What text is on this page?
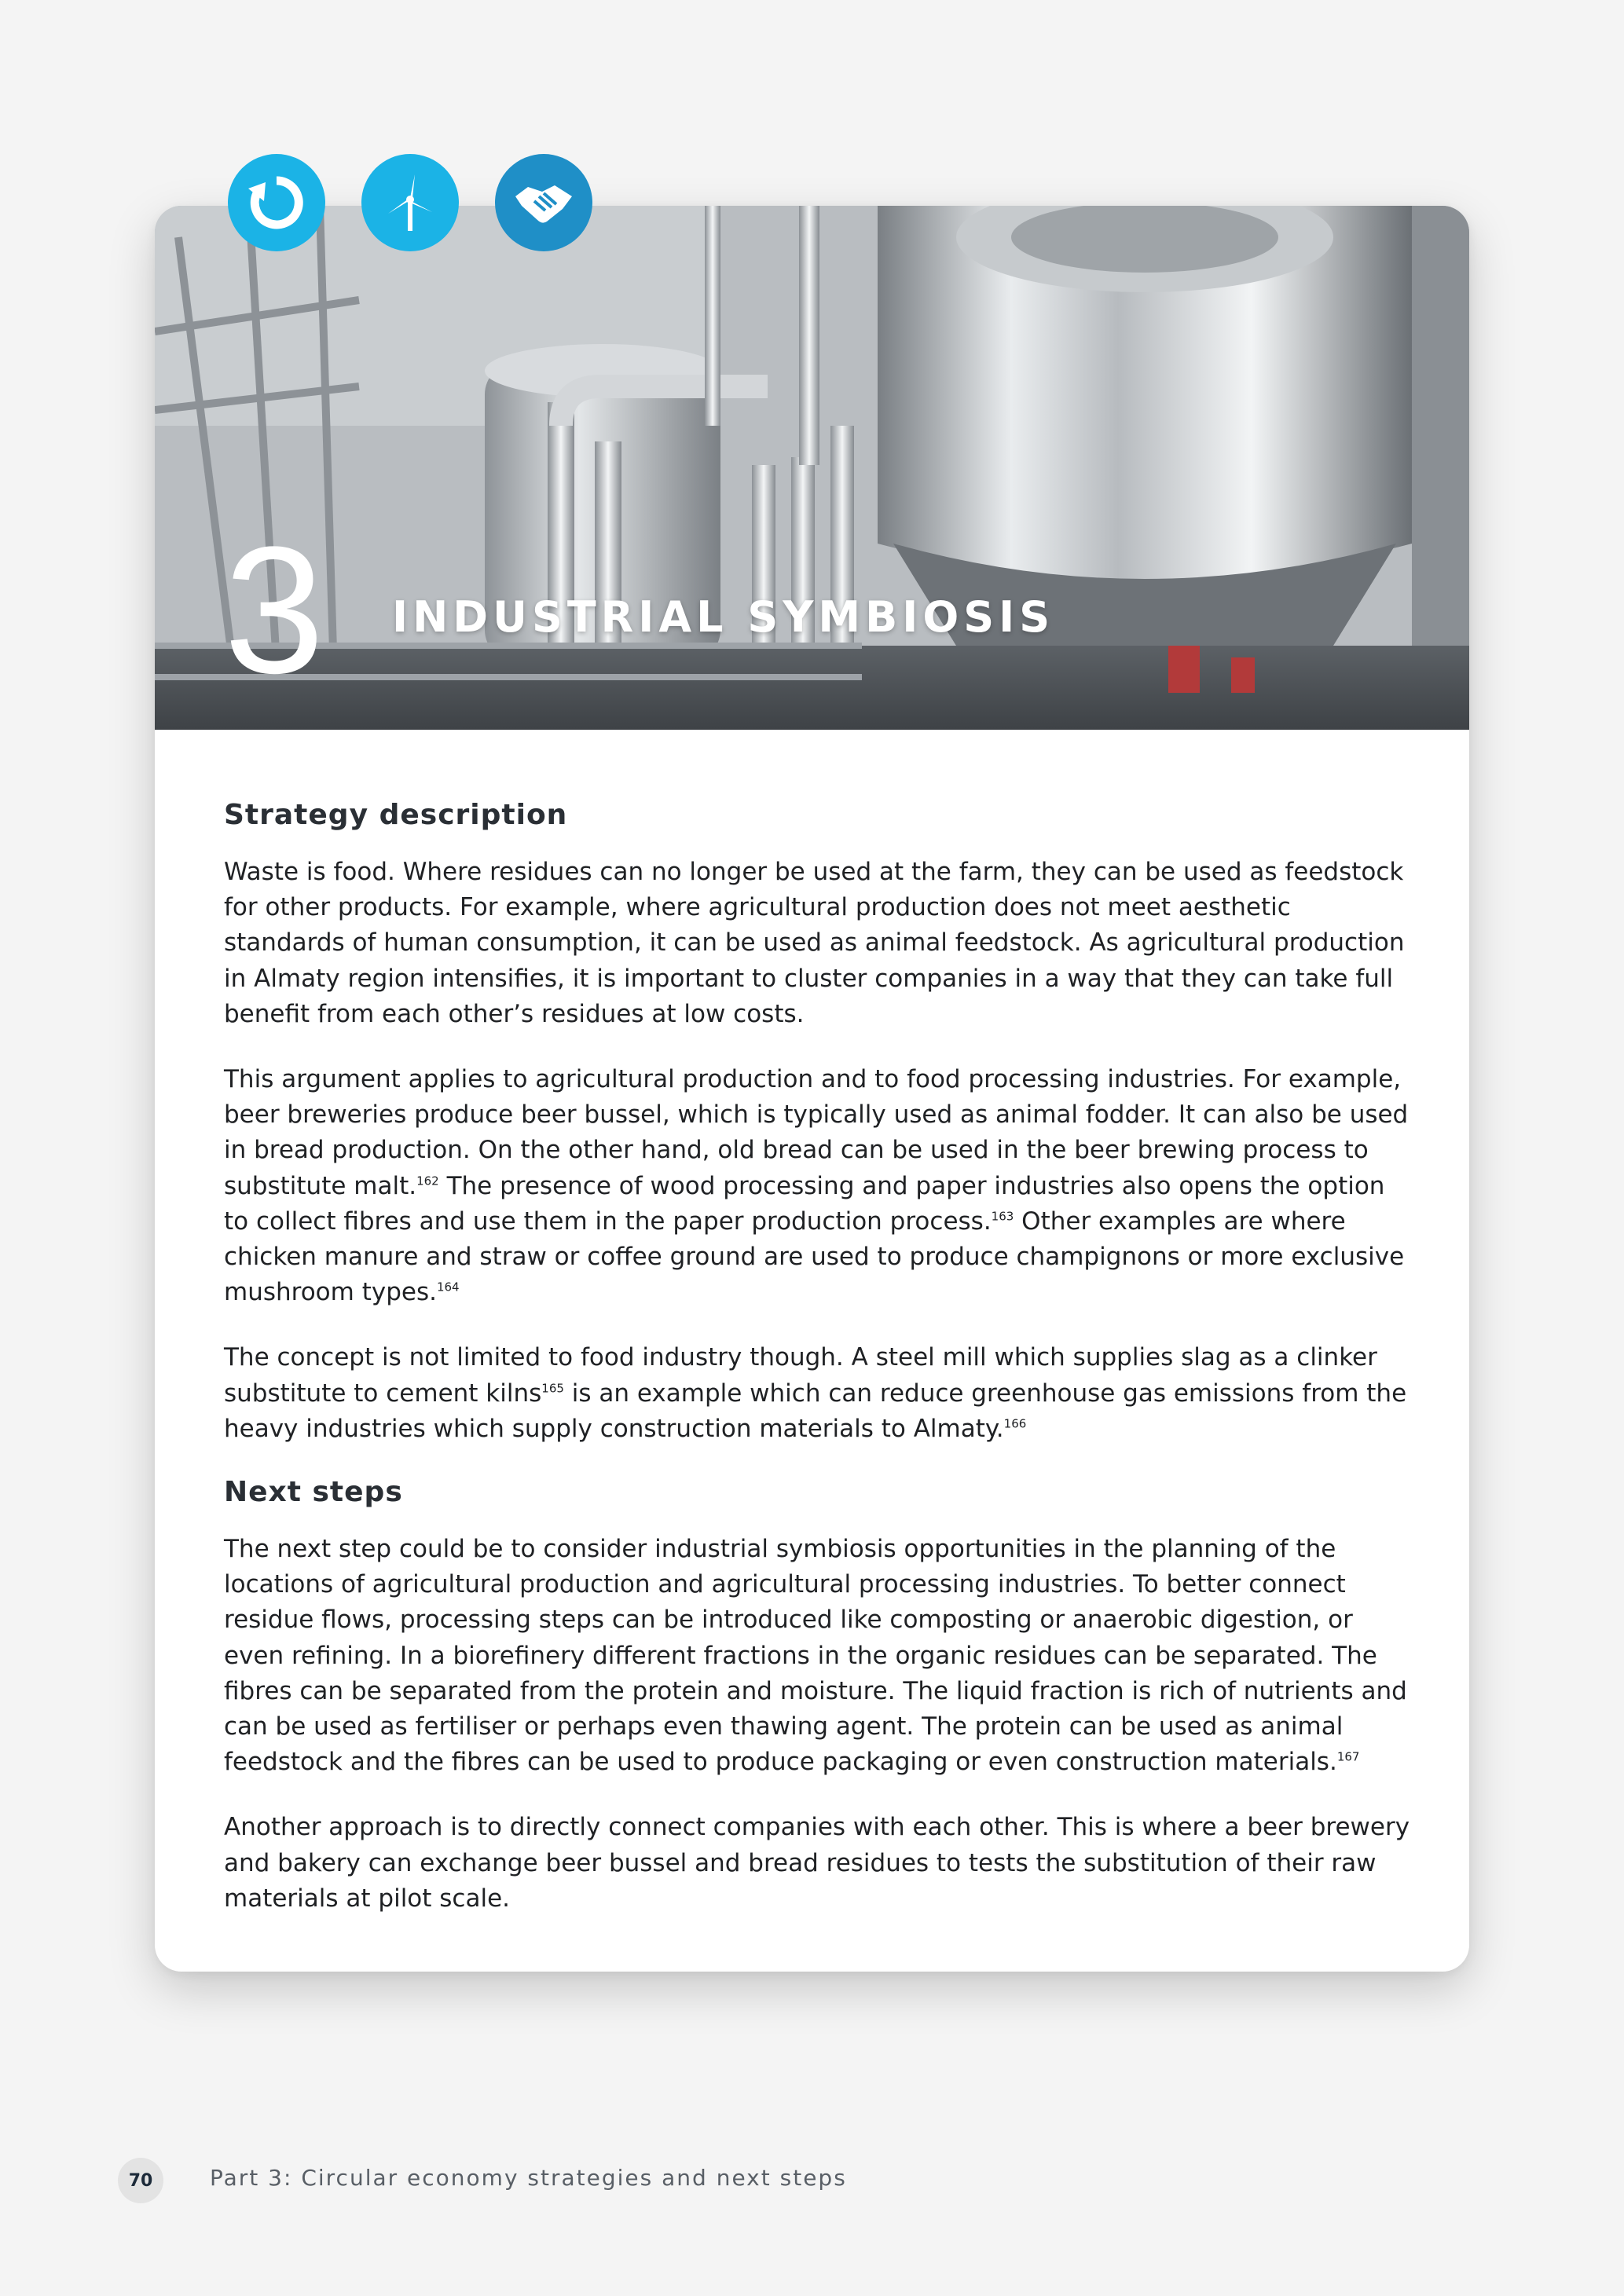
3 INDUSTRIAL SYMBIOSIS
Strategy description

Waste is food. Where residues can no longer be used at the farm, they can be used as feedstock for other products. For example, where agricultural production does not meet aesthetic standards of human consumption, it can be used as animal feedstock. As agricultural production in Almaty region intensifies, it is important to cluster companies in a way that they can take full benefit from each other’s residues at low costs.

This argument applies to agricultural production and to food processing industries. For example, beer breweries produce beer bussel, which is typically used as animal fodder. It can also be used in bread production. On the other hand, old bread can be used in the beer brewing process to substitute malt.$^{162}$ The presence of wood processing and paper industries also opens the option to collect fibres and use them in the paper production process.$^{163}$ Other examples are where chicken manure and straw or coffee ground are used to produce champignons or more exclusive mushroom types.$^{164}$

The concept is not limited to food industry though. A steel mill which supplies slag as a clinker substitute to cement kilns$^{165}$ is an example which can reduce greenhouse gas emissions from the heavy industries which supply construction materials to Almaty.$^{166}$

Next steps

The next step could be to consider industrial symbiosis opportunities in the planning of the locations of agricultural production and agricultural processing industries. To better connect residue flows, processing steps can be introduced like composting or anaerobic digestion, or even refining. In a biorefinery different fractions in the organic residues can be separated. The fibres can be separated from the protein and moisture. The liquid fraction is rich of nutrients and can be used as fertiliser or perhaps even thawing agent. The protein can be used as animal feedstock and the fibres can be used to produce packaging or even construction materials.$^{167}$

Another approach is to directly connect companies with each other. This is where a beer brewery and bakery can exchange beer bussel and bread residues to tests the substitution of their raw materials at pilot scale.

70	Part 3: Circular economy strategies and next steps
